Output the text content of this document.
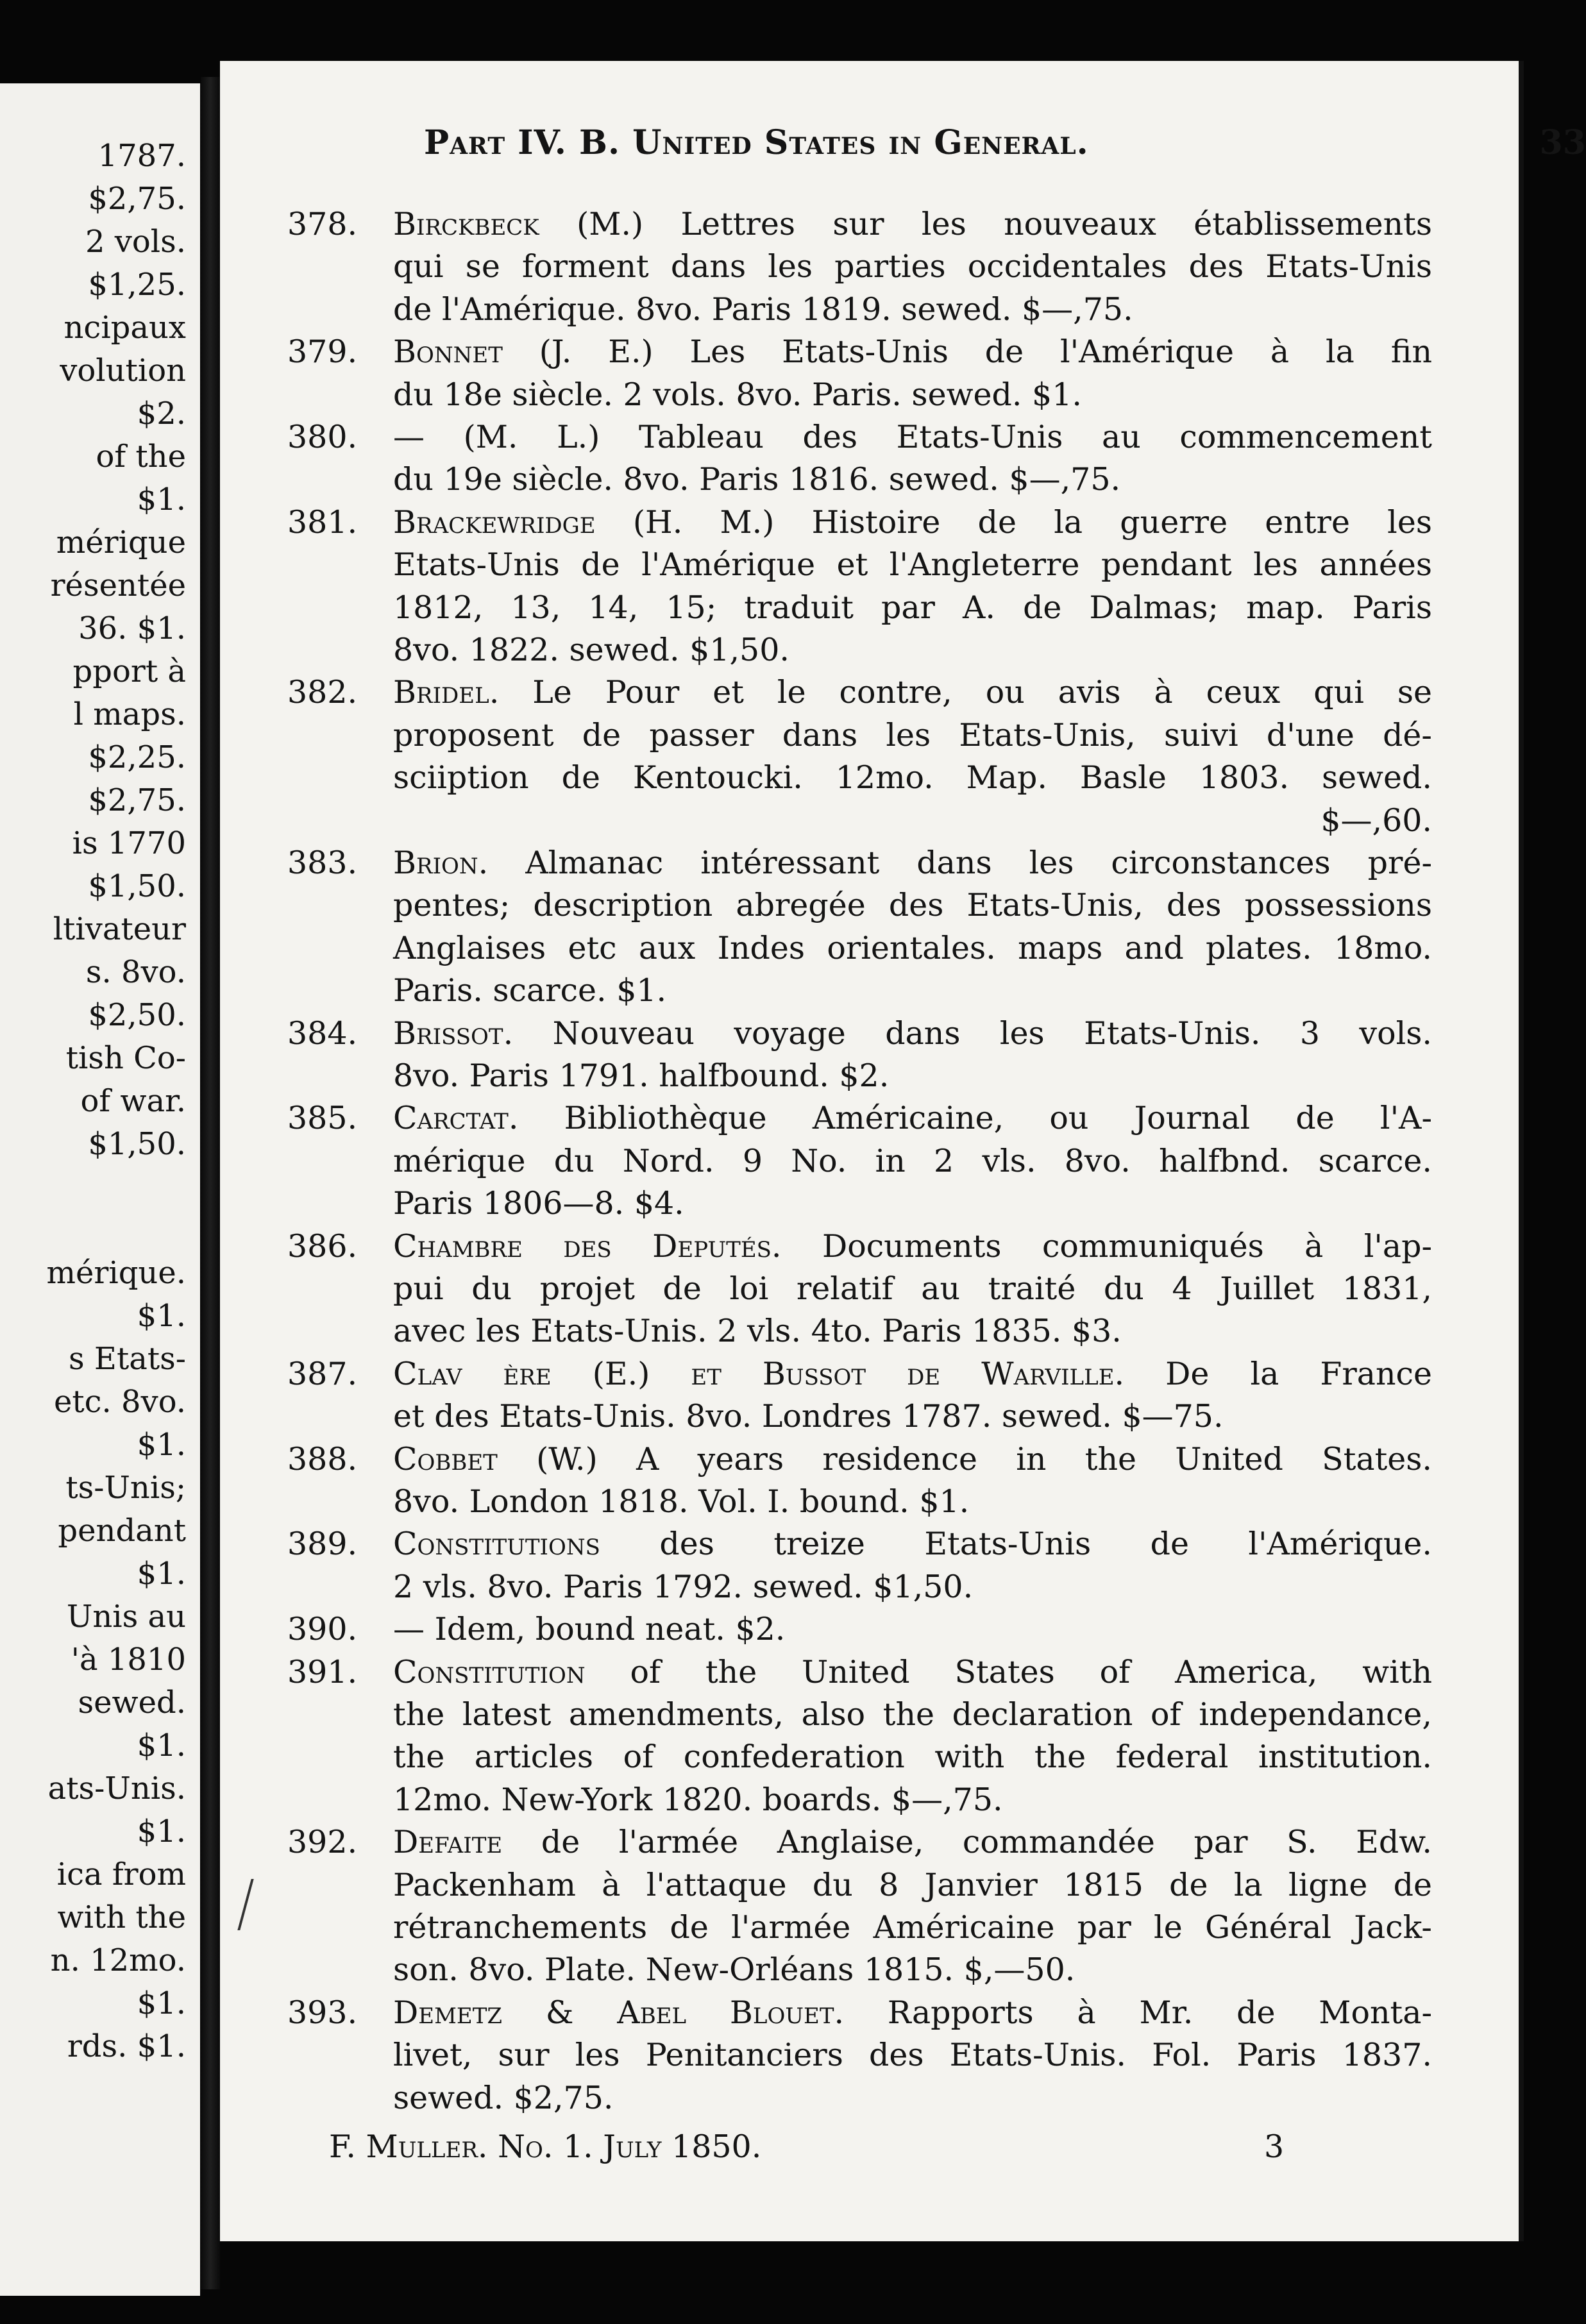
1787.
$2,75.
2 vols.
$1,25.
ncipaux
volution
$2.
of the
$1.
mérique
résentée
36. $1.
pport à
l maps.
$2,25.
$2,75.
is 1770
$1,50.
ltivateur
s. 8vo.
$2,50.
tish Co-
of war.
$1,50.
mérique.
$1.
s Etats-
etc. 8vo.
$1.
ts-Unis;
pendant
$1.
Unis au
'à 1810
sewed.
$1.
ats-Unis.
$1.
ica from
with the
n. 12mo.
$1.
rds. $1.
Part IV. B. United States in General.	33
378. Birckbeck (M.) Lettres sur les nouveaux établissements
qui se forment dans les parties occidentales des Etats-Unis
de l'Amérique. 8vo. Paris 1819. sewed. $—,75.
379. Bonnet (J. E.) Les Etats-Unis de l'Amérique à la fin
du 18e siècle. 2 vols. 8vo. Paris. sewed. $1.
380. — (M. L.) Tableau des Etats-Unis au commencement
du 19e siècle. 8vo. Paris 1816. sewed. $—,75.
381. Brackewridge (H. M.) Histoire de la guerre entre les
Etats-Unis de l'Amérique et l'Angleterre pendant les années
1812, 13, 14, 15; traduit par A. de Dalmas; map. Paris
8vo. 1822. sewed. $1,50.
382. Bridel. Le Pour et le contre, ou avis à ceux qui se
proposent de passer dans les Etats-Unis, suivi d'une dé-
sciiption de Kentoucki. 12mo. Map. Basle 1803. sewed.
$—,60.
383. Brion. Almanac intéressant dans les circonstances pré-
pentes; description abregée des Etats-Unis, des possessions
Anglaises etc aux Indes orientales. maps and plates. 18mo.
Paris. scarce. $1.
384. Brissot. Nouveau voyage dans les Etats-Unis. 3 vols.
8vo. Paris 1791. halfbound. $2.
385. Carctat. Bibliothèque Américaine, ou Journal de l'A-
mérique du Nord. 9 No. in 2 vls. 8vo. halfbnd. scarce.
Paris 1806—8. $4.
386. Chambre des Deputés. Documents communiqués à l'ap-
pui du projet de loi relatif au traité du 4 Juillet 1831,
avec les Etats-Unis. 2 vls. 4to. Paris 1835. $3.
387. Clav ère (E.) et Bussot de Warville. De la France
et des Etats-Unis. 8vo. Londres 1787. sewed. $—75.
388. Cobbet (W.) A years residence in the United States.
8vo. London 1818. Vol. I. bound. $1.
389. Constitutions des treize Etats-Unis de l'Amérique.
2 vls. 8vo. Paris 1792. sewed. $1,50.
390. — Idem, bound neat. $2.
391. Constitution of the United States of America, with
the latest amendments, also the declaration of independance,
the articles of confederation with the federal institution.
12mo. New-York 1820. boards. $—,75.
392. Defaite de l'armée Anglaise, commandée par S. Edw.
Packenham à l'attaque du 8 Janvier 1815 de la ligne de
rétranchements de l'armée Américaine par le Général Jack-
son. 8vo. Plate. New-Orléans 1815. $,—50.
393. Demetz & Abel Blouet. Rapports à Mr. de Monta-
livet, sur les Penitanciers des Etats-Unis. Fol. Paris 1837.
sewed. $2,75.
F. Muller. No. 1. July 1850.	3
